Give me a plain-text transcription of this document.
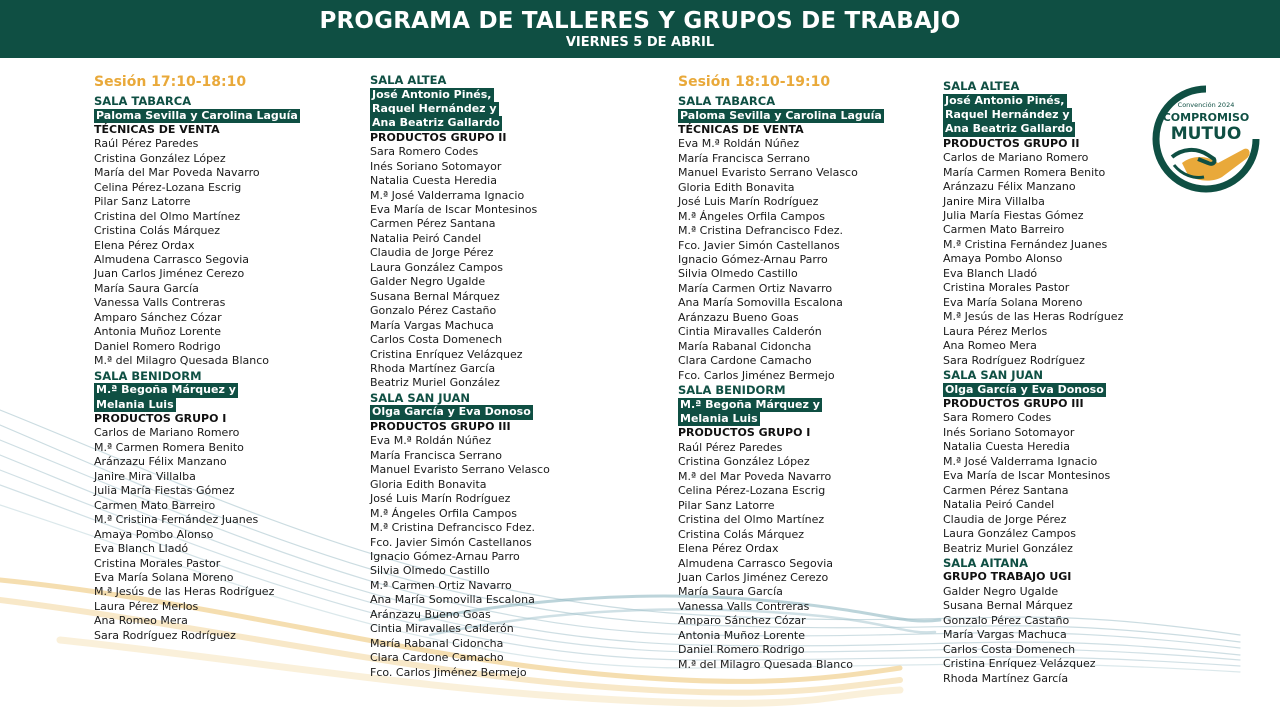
PROGRAMA DE TALLERES Y GRUPOS DE TRABAJO
VIERNES 5 DE ABRIL
Sesión 17:10-18:10
SALA TABARCA
Paloma Sevilla y Carolina Laguía
TÉCNICAS DE VENTA
Raúl Pérez Paredes
Cristina González López
María del Mar Poveda Navarro
Celina Pérez-Lozana Escrig
Pilar Sanz Latorre
Cristina del Olmo Martínez
Cristina Colás Márquez
Elena Pérez Ordax
Almudena Carrasco Segovia
Juan Carlos Jiménez Cerezo
María Saura García
Vanessa Valls Contreras
Amparo Sánchez Cózar
Antonia Muñoz Lorente
Daniel Romero Rodrigo
M.ª del Milagro Quesada Blanco
SALA BENIDORM
M.ª Begoña Márquez y
Melania Luis
PRODUCTOS GRUPO I
Carlos de Mariano Romero
M.ª Carmen Romera Benito
Aránzazu Félix Manzano
Janire Mira Villalba
Julia María Fiestas Gómez
Carmen Mato Barreiro
M.ª Cristina Fernández Juanes
Amaya Pombo Alonso
Eva Blanch Lladó
Cristina Morales Pastor
Eva María Solana Moreno
M.ª Jesús de las Heras Rodríguez
Laura Pérez Merlos
Ana Romeo Mera
Sara Rodríguez Rodríguez
SALA ALTEA
José Antonio Pinés,
Raquel Hernández y
Ana Beatriz Gallardo
PRODUCTOS GRUPO II
Sara Romero Codes
Inés Soriano Sotomayor
Natalia Cuesta Heredia
M.ª José Valderrama Ignacio
Eva María de Iscar Montesinos
Carmen Pérez Santana
Natalia Peiró Candel
Claudia de Jorge Pérez
Laura González Campos
Galder Negro Ugalde
Susana Bernal Márquez
Gonzalo Pérez Castaño
María Vargas Machuca
Carlos Costa Domenech
Cristina Enríquez Velázquez
Rhoda Martínez García
Beatriz Muriel González
SALA SAN JUAN
Olga García y Eva Donoso
PRODUCTOS GRUPO III
Eva M.ª Roldán Núñez
María Francisca Serrano
Manuel Evaristo Serrano Velasco
Gloria Edith Bonavita
José Luis Marín Rodríguez
M.ª Ángeles Orfila Campos
M.ª Cristina Defrancisco Fdez.
Fco. Javier Simón Castellanos
Ignacio Gómez-Arnau Parro
Silvia Olmedo Castillo
M.ª Carmen Ortiz Navarro
Ana María Somovilla Escalona
Aránzazu Bueno Goas
Cintia Miravalles Calderón
María Rabanal Cidoncha
Clara Cardone Camacho
Fco. Carlos Jiménez Bermejo
Sesión 18:10-19:10
SALA TABARCA
Paloma Sevilla y Carolina Laguía
TÉCNICAS DE VENTA
Eva M.ª Roldán Núñez
María Francisca Serrano
Manuel Evaristo Serrano Velasco
Gloria Edith Bonavita
José Luis Marín Rodríguez
M.ª Ángeles Orfila Campos
M.ª Cristina Defrancisco Fdez.
Fco. Javier Simón Castellanos
Ignacio Gómez-Arnau Parro
Silvia Olmedo Castillo
María Carmen Ortiz Navarro
Ana María Somovilla Escalona
Aránzazu Bueno Goas
Cintia Miravalles Calderón
María Rabanal Cidoncha
Clara Cardone Camacho
Fco. Carlos Jiménez Bermejo
SALA BENIDORM
M.ª Begoña Márquez y
Melania Luis
PRODUCTOS GRUPO I
Raúl Pérez Paredes
Cristina González López
M.ª del Mar Poveda Navarro
Celina Pérez-Lozana Escrig
Pilar Sanz Latorre
Cristina del Olmo Martínez
Cristina Colás Márquez
Elena Pérez Ordax
Almudena Carrasco Segovia
Juan Carlos Jiménez Cerezo
María Saura García
Vanessa Valls Contreras
Amparo Sánchez Cózar
Antonia Muñoz Lorente
Daniel Romero Rodrigo
M.ª del Milagro Quesada Blanco
SALA ALTEA
José Antonio Pinés,
Raquel Hernández y
Ana Beatriz Gallardo
PRODUCTOS GRUPO II
Carlos de Mariano Romero
María Carmen Romera Benito
Aránzazu Félix Manzano
Janire Mira Villalba
Julia María Fiestas Gómez
Carmen Mato Barreiro
M.ª Cristina Fernández Juanes
Amaya Pombo Alonso
Eva Blanch Lladó
Cristina Morales Pastor
Eva María Solana Moreno
M.ª Jesús de las Heras Rodríguez
Laura Pérez Merlos
Ana Romeo Mera
Sara Rodríguez Rodríguez
SALA SAN JUAN
Olga García y Eva Donoso
PRODUCTOS GRUPO III
Sara Romero Codes
Inés Soriano Sotomayor
Natalia Cuesta Heredia
M.ª José Valderrama Ignacio
Eva María de Iscar Montesinos
Carmen Pérez Santana
Natalia Peiró Candel
Claudia de Jorge Pérez
Laura González Campos
Beatriz Muriel González
SALA AITANA
GRUPO TRABAJO UGI
Galder Negro Ugalde
Susana Bernal Márquez
Gonzalo Pérez Castaño
María Vargas Machuca
Carlos Costa Domenech
Cristina Enríquez Velázquez
Rhoda Martínez García
Convención 2024
COMPROMISO
MUTUO
